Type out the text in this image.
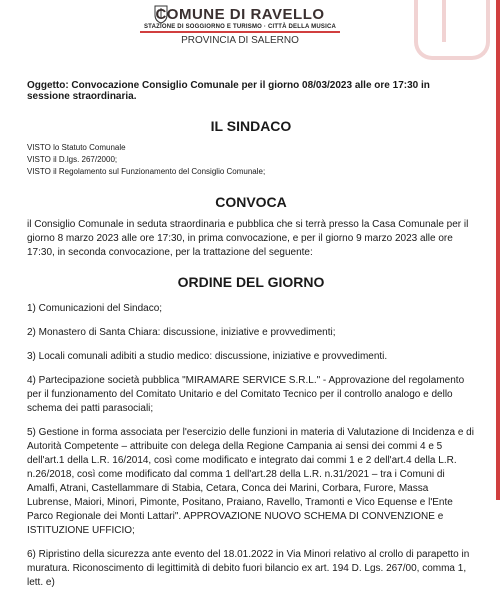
COMUNE DI RAVELLO
STAZIONE DI SOGGIORNO E TURISMO · CITTÀ DELLA MUSICA
PROVINCIA DI SALERNO

Oggetto: Convocazione Consiglio Comunale per il giorno 08/03/2023 alle ore 17:30 in sessione straordinaria.

IL SINDACO

VISTO lo Statuto Comunale

VISTO il D.lgs. 267/2000;

VISTO il Regolamento sul Funzionamento del Consiglio Comunale;

CONVOCA

il Consiglio Comunale in seduta straordinaria e pubblica che si terrà presso la Casa Comunale per il giorno 8 marzo 2023 alle ore 17:30, in prima convocazione, e per il giorno 9 marzo 2023 alle ore 17:30, in seconda convocazione, per la trattazione del seguente:

ORDINE DEL GIORNO

1) Comunicazioni del Sindaco;

2) Monastero di Santa Chiara: discussione, iniziative e provvedimenti;

3) Locali comunali adibiti a studio medico: discussione, iniziative e provvedimenti.

4) Partecipazione società pubblica "MIRAMARE SERVICE S.R.L." - Approvazione del regolamento per il funzionamento del Comitato Unitario e del Comitato Tecnico per il controllo analogo e dello schema dei patti parasociali;

5) Gestione in forma associata per l'esercizio delle funzioni in materia di Valutazione di Incidenza e di Autorità Competente – attribuite con delega della Regione Campania ai sensi dei commi 4 e 5 dell'art.1 della L.R. 16/2014, così come modificato e integrato dai commi 1 e 2 dell'art.4 della L.R. n.26/2018, così come modificato dal comma 1 dell'art.28 della L.R. n.31/2021 – tra i Comuni di Amalfi, Atrani, Castellammare di Stabia, Cetara, Conca dei Marini, Corbara, Furore, Massa Lubrense, Maiori, Minori, Pimonte, Positano, Praiano, Ravello, Tramonti e Vico Equense e l'Ente Parco Regionale dei Monti Lattari". APPROVAZIONE NUOVO SCHEMA DI CONVENZIONE e ISTITUZIONE UFFICIO;

6) Ripristino della sicurezza ante evento del 18.01.2022 in Via Minori relativo al crollo di parapetto in muratura. Riconoscimento di legittimità di debito fuori bilancio ex art. 194 D. Lgs. 267/00, comma 1, lett. e)
